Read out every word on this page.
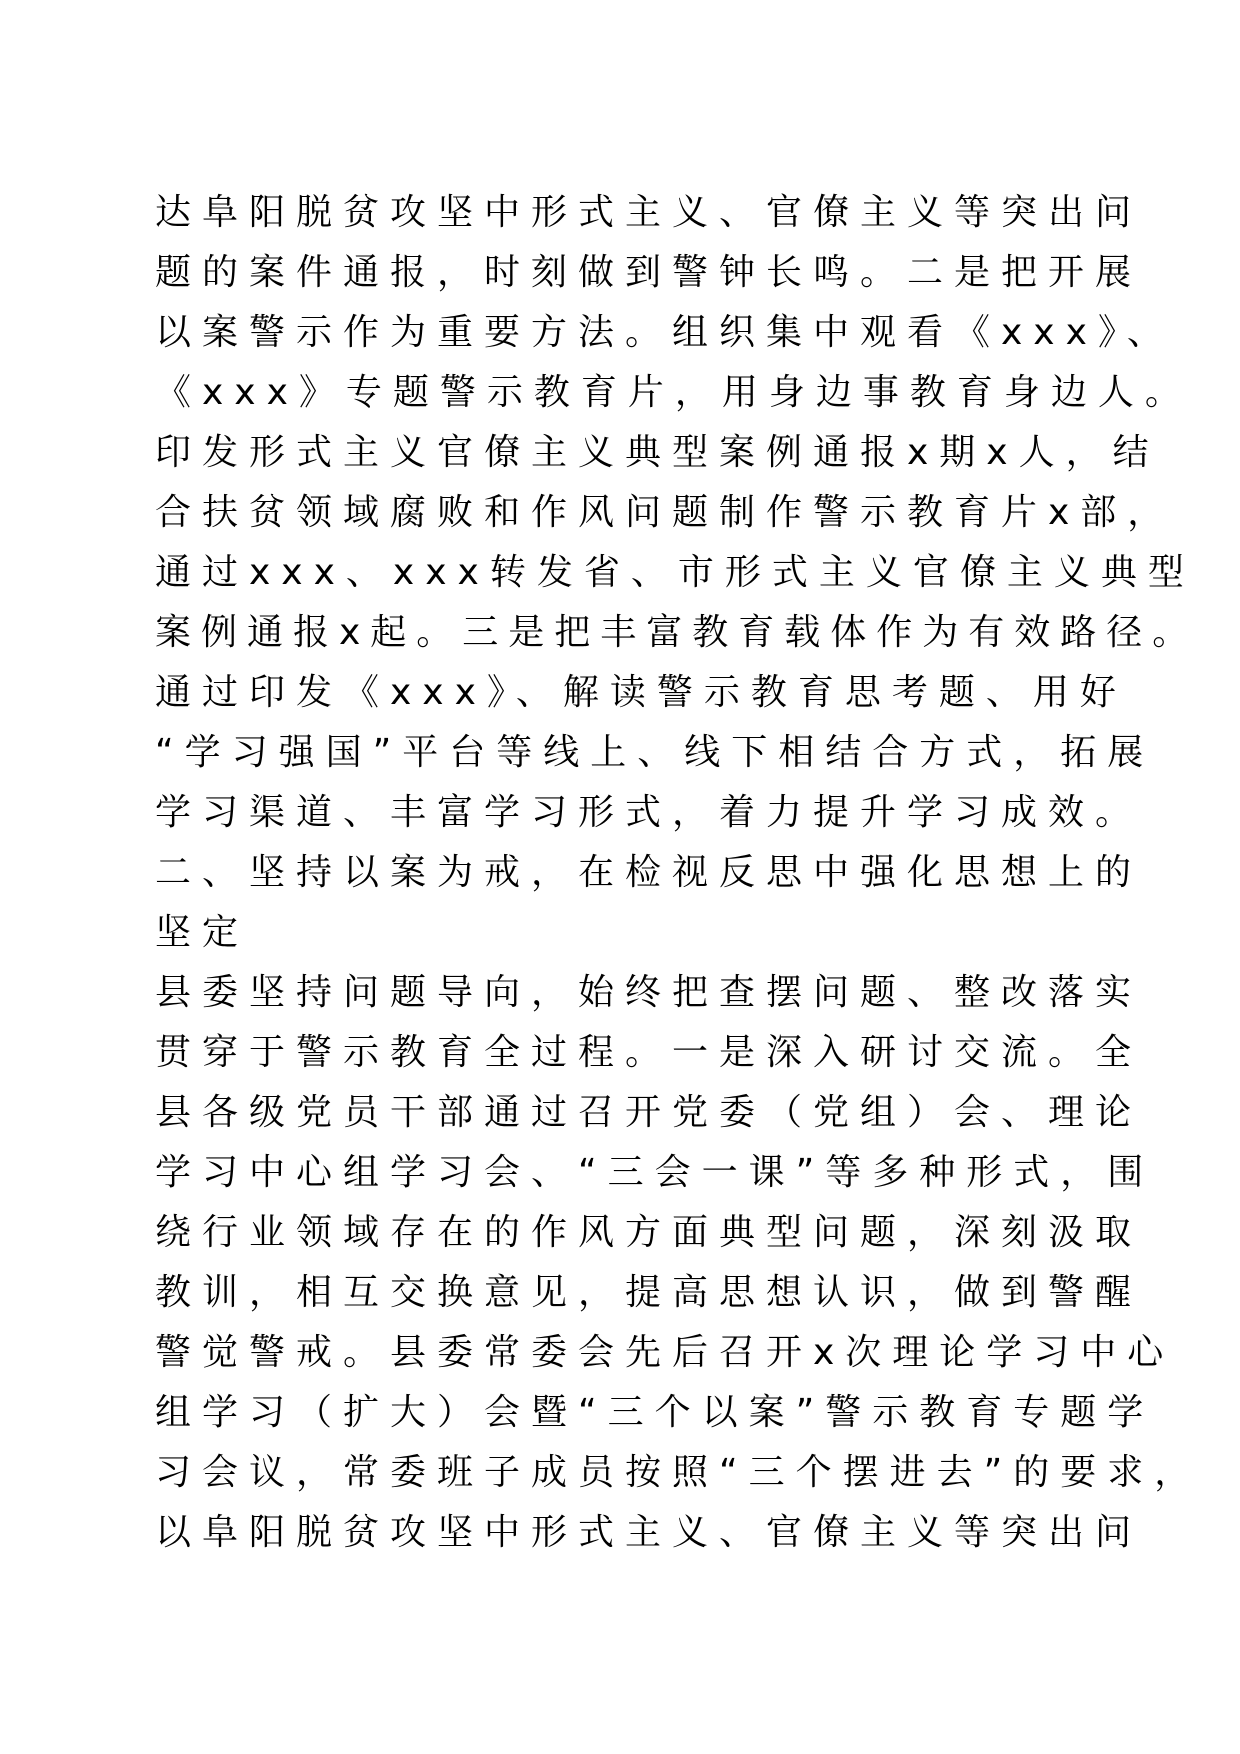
达阜阳脱贫攻坚中形式主义、官僚主义等突出问
题的案件通报，时刻做到警钟长鸣。二是把开展
以案警示作为重要方法。组织集中观看《xxx》、
《xxx》专题警示教育片，用身边事教育身边人。
印发形式主义官僚主义典型案例通报x期x人，结
合扶贫领域腐败和作风问题制作警示教育片x部，
通过xxx、xxx转发省、市形式主义官僚主义典型
案例通报x起。三是把丰富教育载体作为有效路径。
通过印发《xxx》、解读警示教育思考题、用好
“学习强国”平台等线上、线下相结合方式，拓展
学习渠道、丰富学习形式，着力提升学习成效。
二、坚持以案为戒，在检视反思中强化思想上的
坚定
县委坚持问题导向，始终把查摆问题、整改落实
贯穿于警示教育全过程。一是深入研讨交流。全
县各级党员干部通过召开党委（党组）会、理论
学习中心组学习会、“三会一课”等多种形式，围
绕行业领域存在的作风方面典型问题，深刻汲取
教训，相互交换意见，提高思想认识，做到警醒
警觉警戒。县委常委会先后召开x次理论学习中心
组学习（扩大）会暨“三个以案”警示教育专题学
习会议，常委班子成员按照“三个摆进去”的要求，
以阜阳脱贫攻坚中形式主义、官僚主义等突出问
